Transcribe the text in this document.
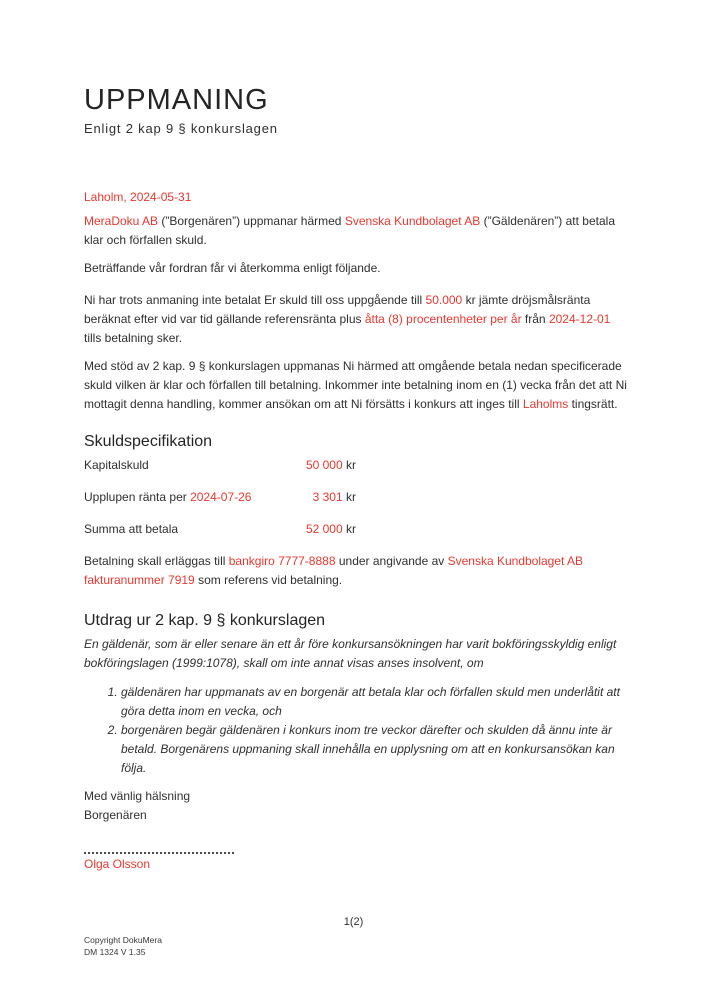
UPPMANING

Enligt 2 kap 9 § konkurslagen

Laholm, 2024-05-31

MeraDoku AB (”Borgenären”) uppmanar härmed Svenska Kundbolaget AB (”Gäldenären”) att betala klar och förfallen skuld.

Beträffande vår fordran får vi återkomma enligt följande.

Ni har trots anmaning inte betalat Er skuld till oss uppgående till 50.000 kr jämte dröjsmålsränta beräknat efter vid var tid gällande referensränta plus åtta (8) procentenheter per år från 2024-12-01 tills betalning sker.

Med stöd av 2 kap. 9 § konkurslagen uppmanas Ni härmed att omgående betala nedan specificerade skuld vilken är klar och förfallen till betalning. Inkommer inte betalning inom en (1) vecka från det att Ni mottagit denna handling, kommer ansökan om att Ni försätts i konkurs att inges till Laholms tingsrätt.

Skuldspecifikation
Kapitalskuld	50 000 kr
Upplupen ränta per 2024-07-26	3 301 kr
Summa att betala	52 000 kr

Betalning skall erläggas till bankgiro 7777-8888 under angivande av Svenska Kundbolaget AB fakturanummer 7919 som referens vid betalning.

Utdrag ur 2 kap. 9 § konkurslagen

En gäldenär, som är eller senare än ett år före konkursansökningen har varit bokföringsskyldig enligt bokföringslagen (1999:1078), skall om inte annat visas anses insolvent, om

1. gäldenären har uppmanats av en borgenär att betala klar och förfallen skuld men underlåtit att göra detta inom en vecka, och
2. borgenären begär gäldenären i konkurs inom tre veckor därefter och skulden då ännu inte är betald. Borgenärens uppmaning skall innehålla en upplysning om att en konkursansökan kan följa.

Med vänlig hälsning

Borgenären

Olga Olsson

1(2)
Copyright DokuMera
DM 1324 V 1.35
